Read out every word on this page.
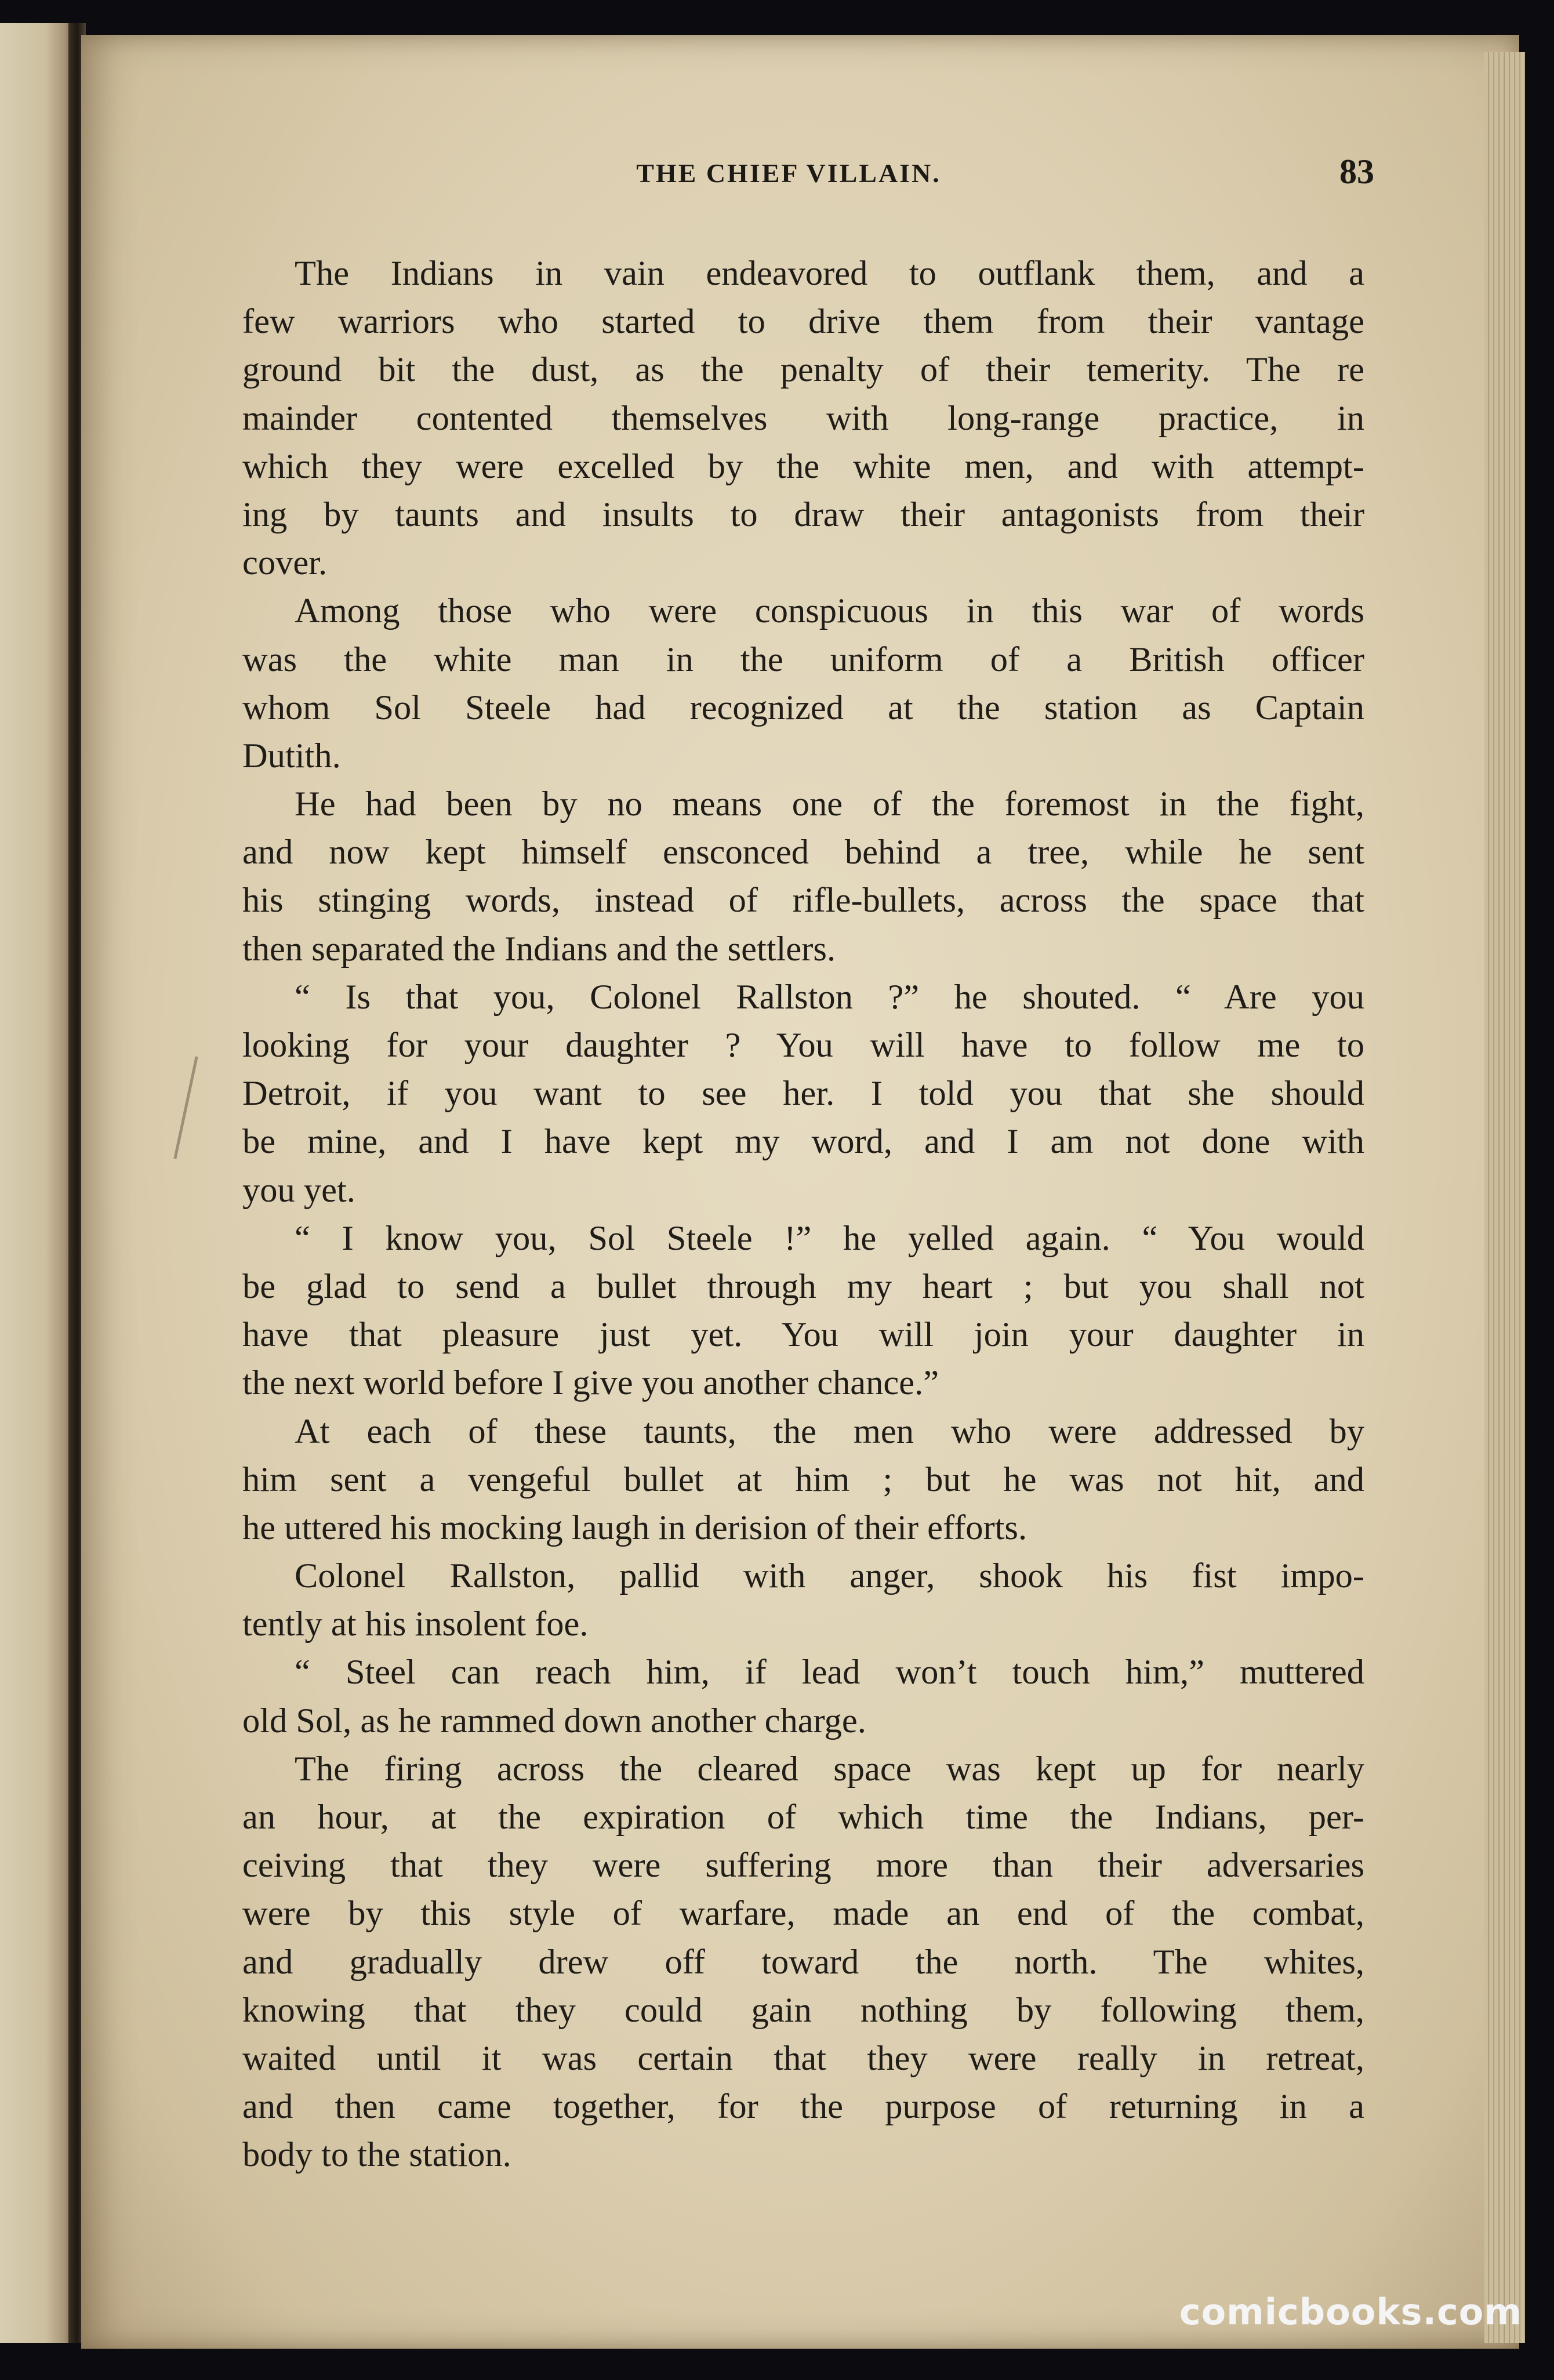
THE CHIEF VILLAIN.	83
The Indians in vain endeavored to outflank them, and a
few warriors who started to drive them from their vantage
ground bit the dust, as the penalty of their temerity. The re
mainder contented themselves with long-range practice, in
which they were excelled by the white men, and with attempt-
ing by taunts and insults to draw their antagonists from their
cover.
Among those who were conspicuous in this war of words
was the white man in the uniform of a British officer
whom Sol Steele had recognized at the station as Captain
Dutith.
He had been by no means one of the foremost in the fight,
and now kept himself ensconced behind a tree, while he sent
his stinging words, instead of rifle-bullets, across the space that
then separated the Indians and the settlers.
“ Is that you, Colonel Rallston ?” he shouted. “ Are you
looking for your daughter ? You will have to follow me to
Detroit, if you want to see her. I told you that she should
be mine, and I have kept my word, and I am not done with
you yet.
“ I know you, Sol Steele !” he yelled again. “ You would
be glad to send a bullet through my heart ; but you shall not
have that pleasure just yet. You will join your daughter in
the next world before I give you another chance.”
At each of these taunts, the men who were addressed by
him sent a vengeful bullet at him ; but he was not hit, and
he uttered his mocking laugh in derision of their efforts.
Colonel Rallston, pallid with anger, shook his fist impo-
tently at his insolent foe.
“ Steel can reach him, if lead won’t touch him,” muttered
old Sol, as he rammed down another charge.
The firing across the cleared space was kept up for nearly
an hour, at the expiration of which time the Indians, per-
ceiving that they were suffering more than their adversaries
were by this style of warfare, made an end of the combat,
and gradually drew off toward the north. The whites,
knowing that they could gain nothing by following them,
waited until it was certain that they were really in retreat,
and then came together, for the purpose of returning in a
body to the station.
comicbooks.com
